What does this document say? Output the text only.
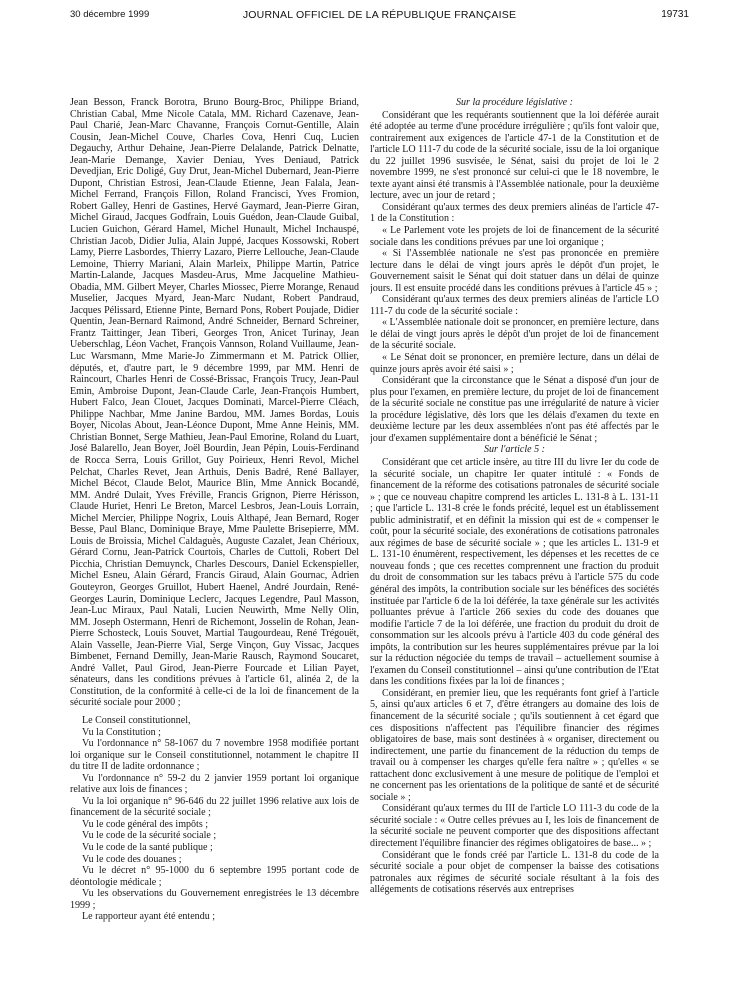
30 décembre 1999	JOURNAL OFFICIEL DE LA RÉPUBLIQUE FRANÇAISE	19731

Jean Besson, Franck Borotra, Bruno Bourg-Broc, Philippe Briand, Christian Cabal, Mme Nicole Catala, MM. Richard Cazenave, Jean-Paul Charié, Jean-Marc Chavanne, François Cornut-Gentille, Alain Cousin, Jean-Michel Couve, Charles Cova, Henri Cuq, Lucien Degauchy, Arthur Dehaine, Jean-Pierre Delalande, Patrick Delnatte, Jean-Marie Demange, Xavier Deniau, Yves Deniaud, Patrick Devedjian, Eric Doligé, Guy Drut, Jean-Michel Dubernard, Jean-Pierre Dupont, Christian Estrosi, Jean-Claude Etienne, Jean Falala, Jean-Michel Ferrand, François Fillon, Roland Francisci, Yves Fromion, Robert Galley, Henri de Gastines, Hervé Gaymard, Jean-Pierre Giran, Michel Giraud, Jacques Godfrain, Louis Guédon, Jean-Claude Guibal, Lucien Guichon, Gérard Hamel, Michel Hunault, Michel Inchauspé, Christian Jacob, Didier Julia, Alain Juppé, Jacques Kossowski, Robert Lamy, Pierre Lasbordes, Thierry Lazaro, Pierre Lellouche, Jean-Claude Lemoine, Thierry Mariani, Alain Marleix, Philippe Martin, Patrice Martin-Lalande, Jacques Masdeu-Arus, Mme Jacqueline Mathieu-Obadia, MM. Gilbert Meyer, Charles Miossec, Pierre Morange, Renaud Muselier, Jacques Myard, Jean-Marc Nudant, Robert Pandraud, Jacques Pélissard, Etienne Pinte, Bernard Pons, Robert Poujade, Didier Quentin, Jean-Bernard Raimond, André Schneider, Bernard Schreiner, Frantz Taittinger, Jean Tiberi, Georges Tron, Anicet Turinay, Jean Ueberschlag, Léon Vachet, François Vannson, Roland Vuillaume, Jean-Luc Warsmann, Mme Marie-Jo Zimmermann et M. Patrick Ollier, députés, et, d'autre part, le 9 décembre 1999, par MM. Henri de Raincourt, Charles Henri de Cossé-Brissac, François Trucy, Jean-Paul Emin, Ambroise Dupont, Jean-Claude Carle, Jean-François Humbert, Hubert Falco, Jean Clouet, Jacques Dominati, Marcel-Pierre Cléach, Philippe Nachbar, Mme Janine Bardou, MM. James Bordas, Louis Boyer, Nicolas About, Jean-Léonce Dupont, Mme Anne Heinis, MM. Christian Bonnet, Serge Mathieu, Jean-Paul Emorine, Roland du Luart, José Balarello, Jean Boyer, Joël Bourdin, Jean Pépin, Louis-Ferdinand de Rocca Serra, Louis Grillot, Guy Poirieux, Henri Revol, Michel Pelchat, Charles Revet, Jean Arthuis, Denis Badré, René Ballayer, Michel Bécot, Claude Belot, Maurice Blin, Mme Annick Bocandé, MM. André Dulait, Yves Fréville, Francis Grignon, Pierre Hérisson, Claude Huriet, Henri Le Breton, Marcel Lesbros, Jean-Louis Lorrain, Michel Mercier, Philippe Nogrix, Louis Althapé, Jean Bernard, Roger Besse, Paul Blanc, Dominique Braye, Mme Paulette Brisepierre, MM. Louis de Broissia, Michel Caldaguès, Auguste Cazalet, Jean Chérioux, Gérard Cornu, Jean-Patrick Courtois, Charles de Cuttoli, Robert Del Picchia, Christian Demuynck, Charles Descours, Daniel Eckenspieller, Michel Esneu, Alain Gérard, Francis Giraud, Alain Gournac, Adrien Gouteyron, Georges Gruillot, Hubert Haenel, André Jourdain, René-Georges Laurin, Dominique Leclerc, Jacques Legendre, Paul Masson, Jean-Luc Miraux, Paul Natali, Lucien Neuwirth, Mme Nelly Olin, MM. Joseph Ostermann, Henri de Richemont, Josselin de Rohan, Jean-Pierre Schosteck, Louis Souvet, Martial Taugourdeau, René Trégouët, Alain Vasselle, Jean-Pierre Vial, Serge Vinçon, Guy Vissac, Jacques Bimbenet, Fernand Demilly, Jean-Marie Rausch, Raymond Soucaret, André Vallet, Paul Girod, Jean-Pierre Fourcade et Lilian Payet, sénateurs, dans les conditions prévues à l'article 61, alinéa 2, de la Constitution, de la conformité à celle-ci de la loi de financement de la sécurité sociale pour 2000 ;

Le Conseil constitutionnel,

Vu la Constitution ;

Vu l'ordonnance n° 58-1067 du 7 novembre 1958 modifiée portant loi organique sur le Conseil constitutionnel, notamment le chapitre II du titre II de ladite ordonnance ;

Vu l'ordonnance n° 59-2 du 2 janvier 1959 portant loi organique relative aux lois de finances ;

Vu la loi organique n° 96-646 du 22 juillet 1996 relative aux lois de financement de la sécurité sociale ;

Vu le code général des impôts ;

Vu le code de la sécurité sociale ;

Vu le code de la santé publique ;

Vu le code des douanes ;

Vu le décret n° 95-1000 du 6 septembre 1995 portant code de déontologie médicale ;

Vu les observations du Gouvernement enregistrées le 13 décembre 1999 ;

Le rapporteur ayant été entendu ;

Sur la procédure législative :

Considérant que les requérants soutiennent que la loi déférée aurait été adoptée au terme d'une procédure irrégulière ; qu'ils font valoir que, contrairement aux exigences de l'article 47-1 de la Constitution et de l'article LO 111-7 du code de la sécurité sociale, issu de la loi organique du 22 juillet 1996 susvisée, le Sénat, saisi du projet de loi le 2 novembre 1999, ne s'est prononcé sur celui-ci que le 18 novembre, le texte ayant ainsi été transmis à l'Assemblée nationale, pour la deuxième lecture, avec un jour de retard ;

Considérant qu'aux termes des deux premiers alinéas de l'article 47-1 de la Constitution :

« Le Parlement vote les projets de loi de financement de la sécurité sociale dans les conditions prévues par une loi organique ;

« Si l'Assemblée nationale ne s'est pas prononcée en première lecture dans le délai de vingt jours après le dépôt d'un projet, le Gouvernement saisit le Sénat qui doit statuer dans un délai de quinze jours. Il est ensuite procédé dans les conditions prévues à l'article 45 » ;

Considérant qu'aux termes des deux premiers alinéas de l'article LO 111-7 du code de la sécurité sociale :

« L'Assemblée nationale doit se prononcer, en première lecture, dans le délai de vingt jours après le dépôt d'un projet de loi de financement de la sécurité sociale.

« Le Sénat doit se prononcer, en première lecture, dans un délai de quinze jours après avoir été saisi » ;

Considérant que la circonstance que le Sénat a disposé d'un jour de plus pour l'examen, en première lecture, du projet de loi de financement de la sécurité sociale ne constitue pas une irrégularité de nature à vicier la procédure législative, dès lors que les délais d'examen du texte en deuxième lecture par les deux assemblées n'ont pas été affectés par le jour d'examen supplémentaire dont a bénéficié le Sénat ;

Sur l'article 5 :

Considérant que cet article insère, au titre III du livre Ier du code de la sécurité sociale, un chapitre Ier quater intitulé : « Fonds de financement de la réforme des cotisations patronales de sécurité sociale » ; que ce nouveau chapitre comprend les articles L. 131-8 à L. 131-11 ; que l'article L. 131-8 crée le fonds précité, lequel est un établissement public administratif, et en définit la mission qui est de « compenser le coût, pour la sécurité sociale, des exonérations de cotisations patronales aux régimes de base de sécurité sociale » ; que les articles L. 131-9 et L. 131-10 énumèrent, respectivement, les dépenses et les recettes de ce nouveau fonds ; que ces recettes comprennent une fraction du produit du droit de consommation sur les tabacs prévu à l'article 575 du code général des impôts, la contribution sociale sur les bénéfices des sociétés instituée par l'article 6 de la loi déférée, la taxe générale sur les activités polluantes prévue à l'article 266 sexies du code des douanes que modifie l'article 7 de la loi déférée, une fraction du produit du droit de consommation sur les alcools prévu à l'article 403 du code général des impôts, la contribution sur les heures supplémentaires prévue par la loi sur la réduction négociée du temps de travail – actuellement soumise à l'examen du Conseil constitutionnel – ainsi qu'une contribution de l'Etat dans les conditions fixées par la loi de finances ;

Considérant, en premier lieu, que les requérants font grief à l'article 5, ainsi qu'aux articles 6 et 7, d'être étrangers au domaine des lois de financement de la sécurité sociale ; qu'ils soutiennent à cet égard que ces dispositions n'affectent pas l'équilibre financier des régimes obligatoires de base, mais sont destinées à « organiser, directement ou indirectement, une partie du financement de la réduction du temps de travail ou à compenser les charges qu'elle fera naître » ; qu'elles « se rattachent donc exclusivement à une mesure de politique de l'emploi et ne concernent pas les orientations de la politique de santé et de sécurité sociale » ;

Considérant qu'aux termes du III de l'article LO 111-3 du code de la sécurité sociale : « Outre celles prévues au I, les lois de financement de la sécurité sociale ne peuvent comporter que des dispositions affectant directement l'équilibre financier des régimes obligatoires de base... » ;

Considérant que le fonds créé par l'article L. 131-8 du code de la sécurité sociale a pour objet de compenser la baisse des cotisations patronales aux régimes de sécurité sociale résultant à la fois des allégements de cotisations réservés aux entreprises
